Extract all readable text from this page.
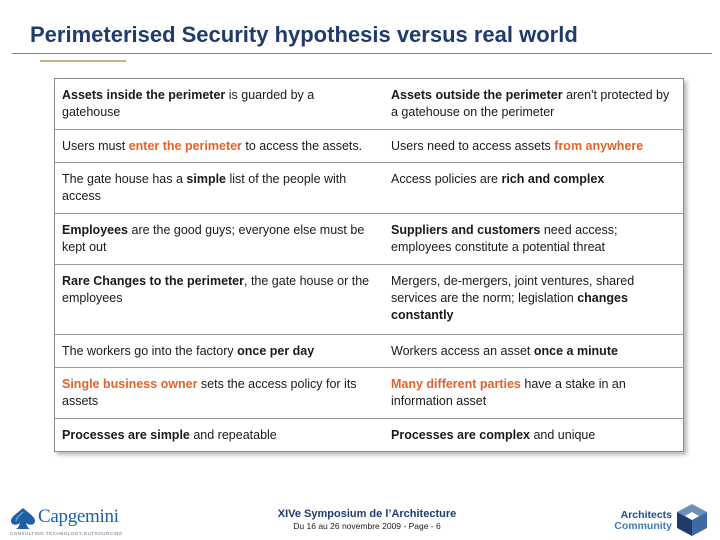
Perimeterised Security hypothesis versus real world
Assets inside the perimeter is guarded by a gatehouse	Assets outside the perimeter aren't protected by a gatehouse on the perimeter
Users must enter the perimeter to access the assets.	Users need to access assets from anywhere
The gate house has a simple list of the people with access	Access policies are rich and complex
Employees are the good guys; everyone else must be kept out	Suppliers and customers need access; employees constitute a potential threat
Rare Changes to the perimeter, the gate house or the employees	Mergers, de-mergers, joint ventures, shared services are the norm; legislation changes constantly
The workers go into the factory once per day	Workers access an asset once a minute
Single business owner sets the access policy for its assets	Many different parties have a stake in an information asset
Processes are simple and repeatable	Processes are complex and unique
Capgemini
CONSULTING.TECHNOLOGY.OUTSOURCING
XIVe Symposium de l’Architecture
Du 16 au 26 novembre 2009 - Page - 6
Architects
Community
